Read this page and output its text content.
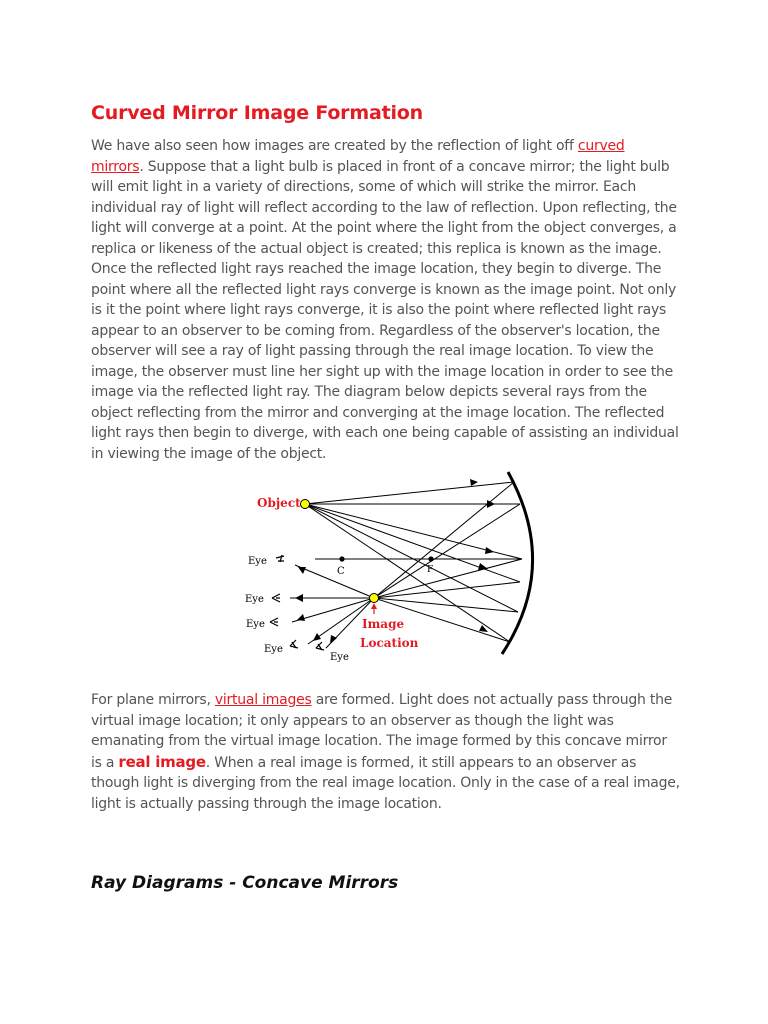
Curved Mirror Image Formation

We have also seen how images are created by the reflection of light off curved mirrors. Suppose that a light bulb is placed in front of a concave mirror; the light bulb will emit light in a variety of directions, some of which will strike the mirror. Each individual ray of light will reflect according to the law of reflection. Upon reflecting, the light will converge at a point. At the point where the light from the object converges, a replica or likeness of the actual object is created; this replica is known as the image. Once the reflected light rays reached the image location, they begin to diverge. The point where all the reflected light rays converge is known as the image point. Not only is it the point where light rays converge, it is also the point where reflected light rays appear to an observer to be coming from. Regardless of the observer's location, the observer will see a ray of light passing through the real image location. To view the image, the observer must line her sight up with the image location in order to see the image via the reflected light ray. The diagram below depicts several rays from the object reflecting from the mirror and converging at the image location. The reflected light rays then begin to diverge, with each one being capable of assisting an individual in viewing the image of the object.

C	F
Object
Image
Location
Eye
Eye
Eye
Eye
Eye

For plane mirrors, virtual images are formed. Light does not actually pass through the virtual image location; it only appears to an observer as though the light was emanating from the virtual image location. The image formed by this concave mirror is a real image. When a real image is formed, it still appears to an observer as though light is diverging from the real image location. Only in the case of a real image, light is actually passing through the image location.

Ray Diagrams - Concave Mirrors
